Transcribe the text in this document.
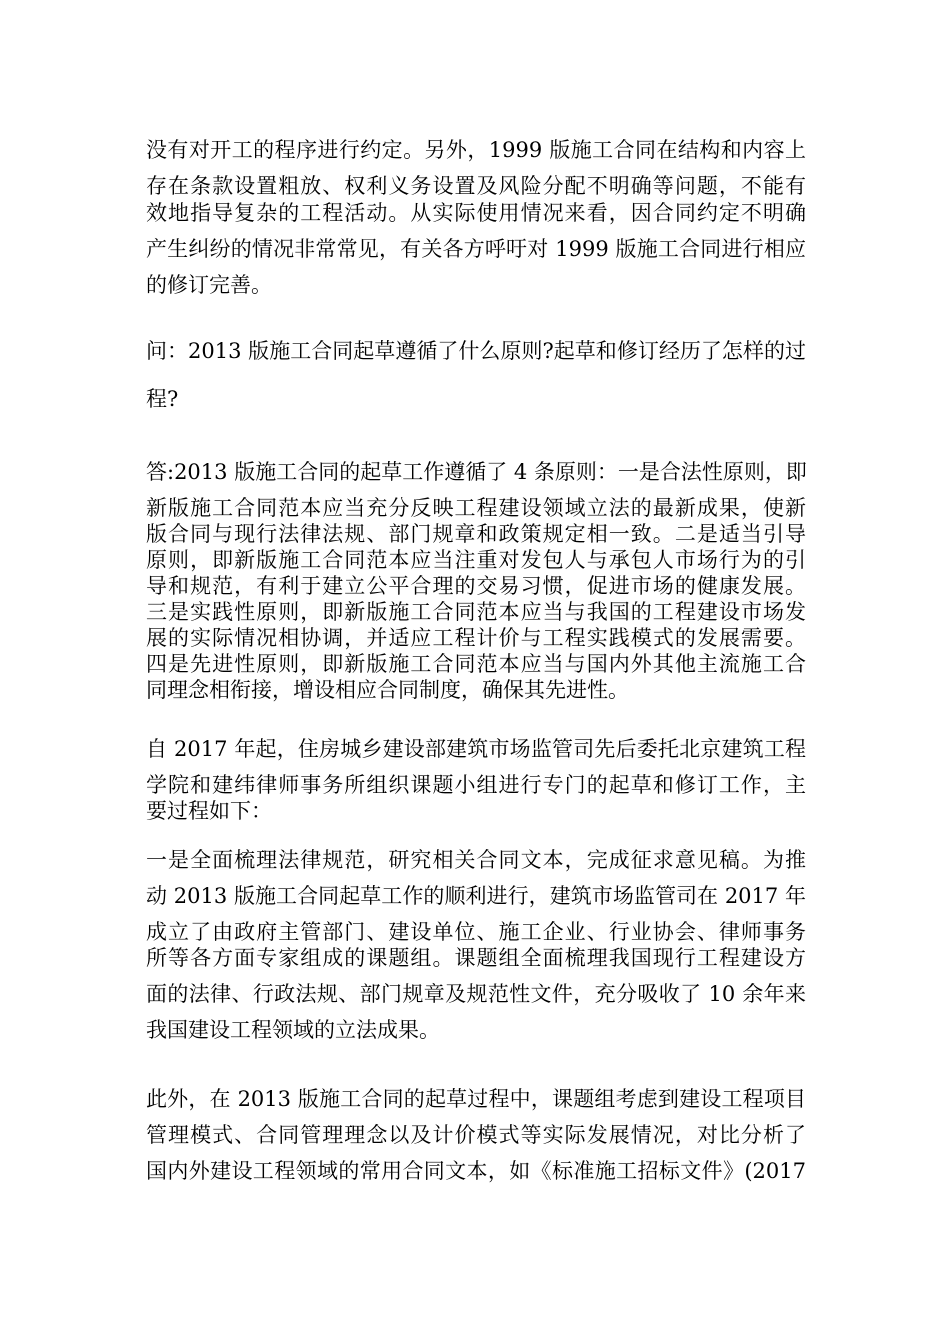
没有对开工的程序进行约定。另外，1999 版施工合同在结构和内容上
存在条款设置粗放、权利义务设置及风险分配不明确等问题，不能有
效地指导复杂的工程活动。从实际使用情况来看，因合同约定不明确
产生纠纷的情况非常常见，有关各方呼吁对 1999 版施工合同进行相应
的修订完善。
问：2013 版施工合同起草遵循了什么原则?起草和修订经历了怎样的过
程?
答:2013 版施工合同的起草工作遵循了 4 条原则：一是合法性原则，即
新版施工合同范本应当充分反映工程建设领域立法的最新成果，使新
版合同与现行法律法规、部门规章和政策规定相一致。二是适当引导
原则，即新版施工合同范本应当注重对发包人与承包人市场行为的引
导和规范，有利于建立公平合理的交易习惯，促进市场的健康发展。
三是实践性原则，即新版施工合同范本应当与我国的工程建设市场发
展的实际情况相协调，并适应工程计价与工程实践模式的发展需要。
四是先进性原则，即新版施工合同范本应当与国内外其他主流施工合
同理念相衔接，增设相应合同制度，确保其先进性。
自 2017 年起，住房城乡建设部建筑市场监管司先后委托北京建筑工程
学院和建纬律师事务所组织课题小组进行专门的起草和修订工作，主
要过程如下：
一是全面梳理法律规范，研究相关合同文本，完成征求意见稿。为推
动 2013 版施工合同起草工作的顺利进行，建筑市场监管司在 2017 年
成立了由政府主管部门、建设单位、施工企业、行业协会、律师事务
所等各方面专家组成的课题组。课题组全面梳理我国现行工程建设方
面的法律、行政法规、部门规章及规范性文件，充分吸收了 10 余年来
我国建设工程领域的立法成果。
此外，在 2013 版施工合同的起草过程中，课题组考虑到建设工程项目
管理模式、合同管理理念以及计价模式等实际发展情况，对比分析了
国内外建设工程领域的常用合同文本，如《标准施工招标文件》(2017
